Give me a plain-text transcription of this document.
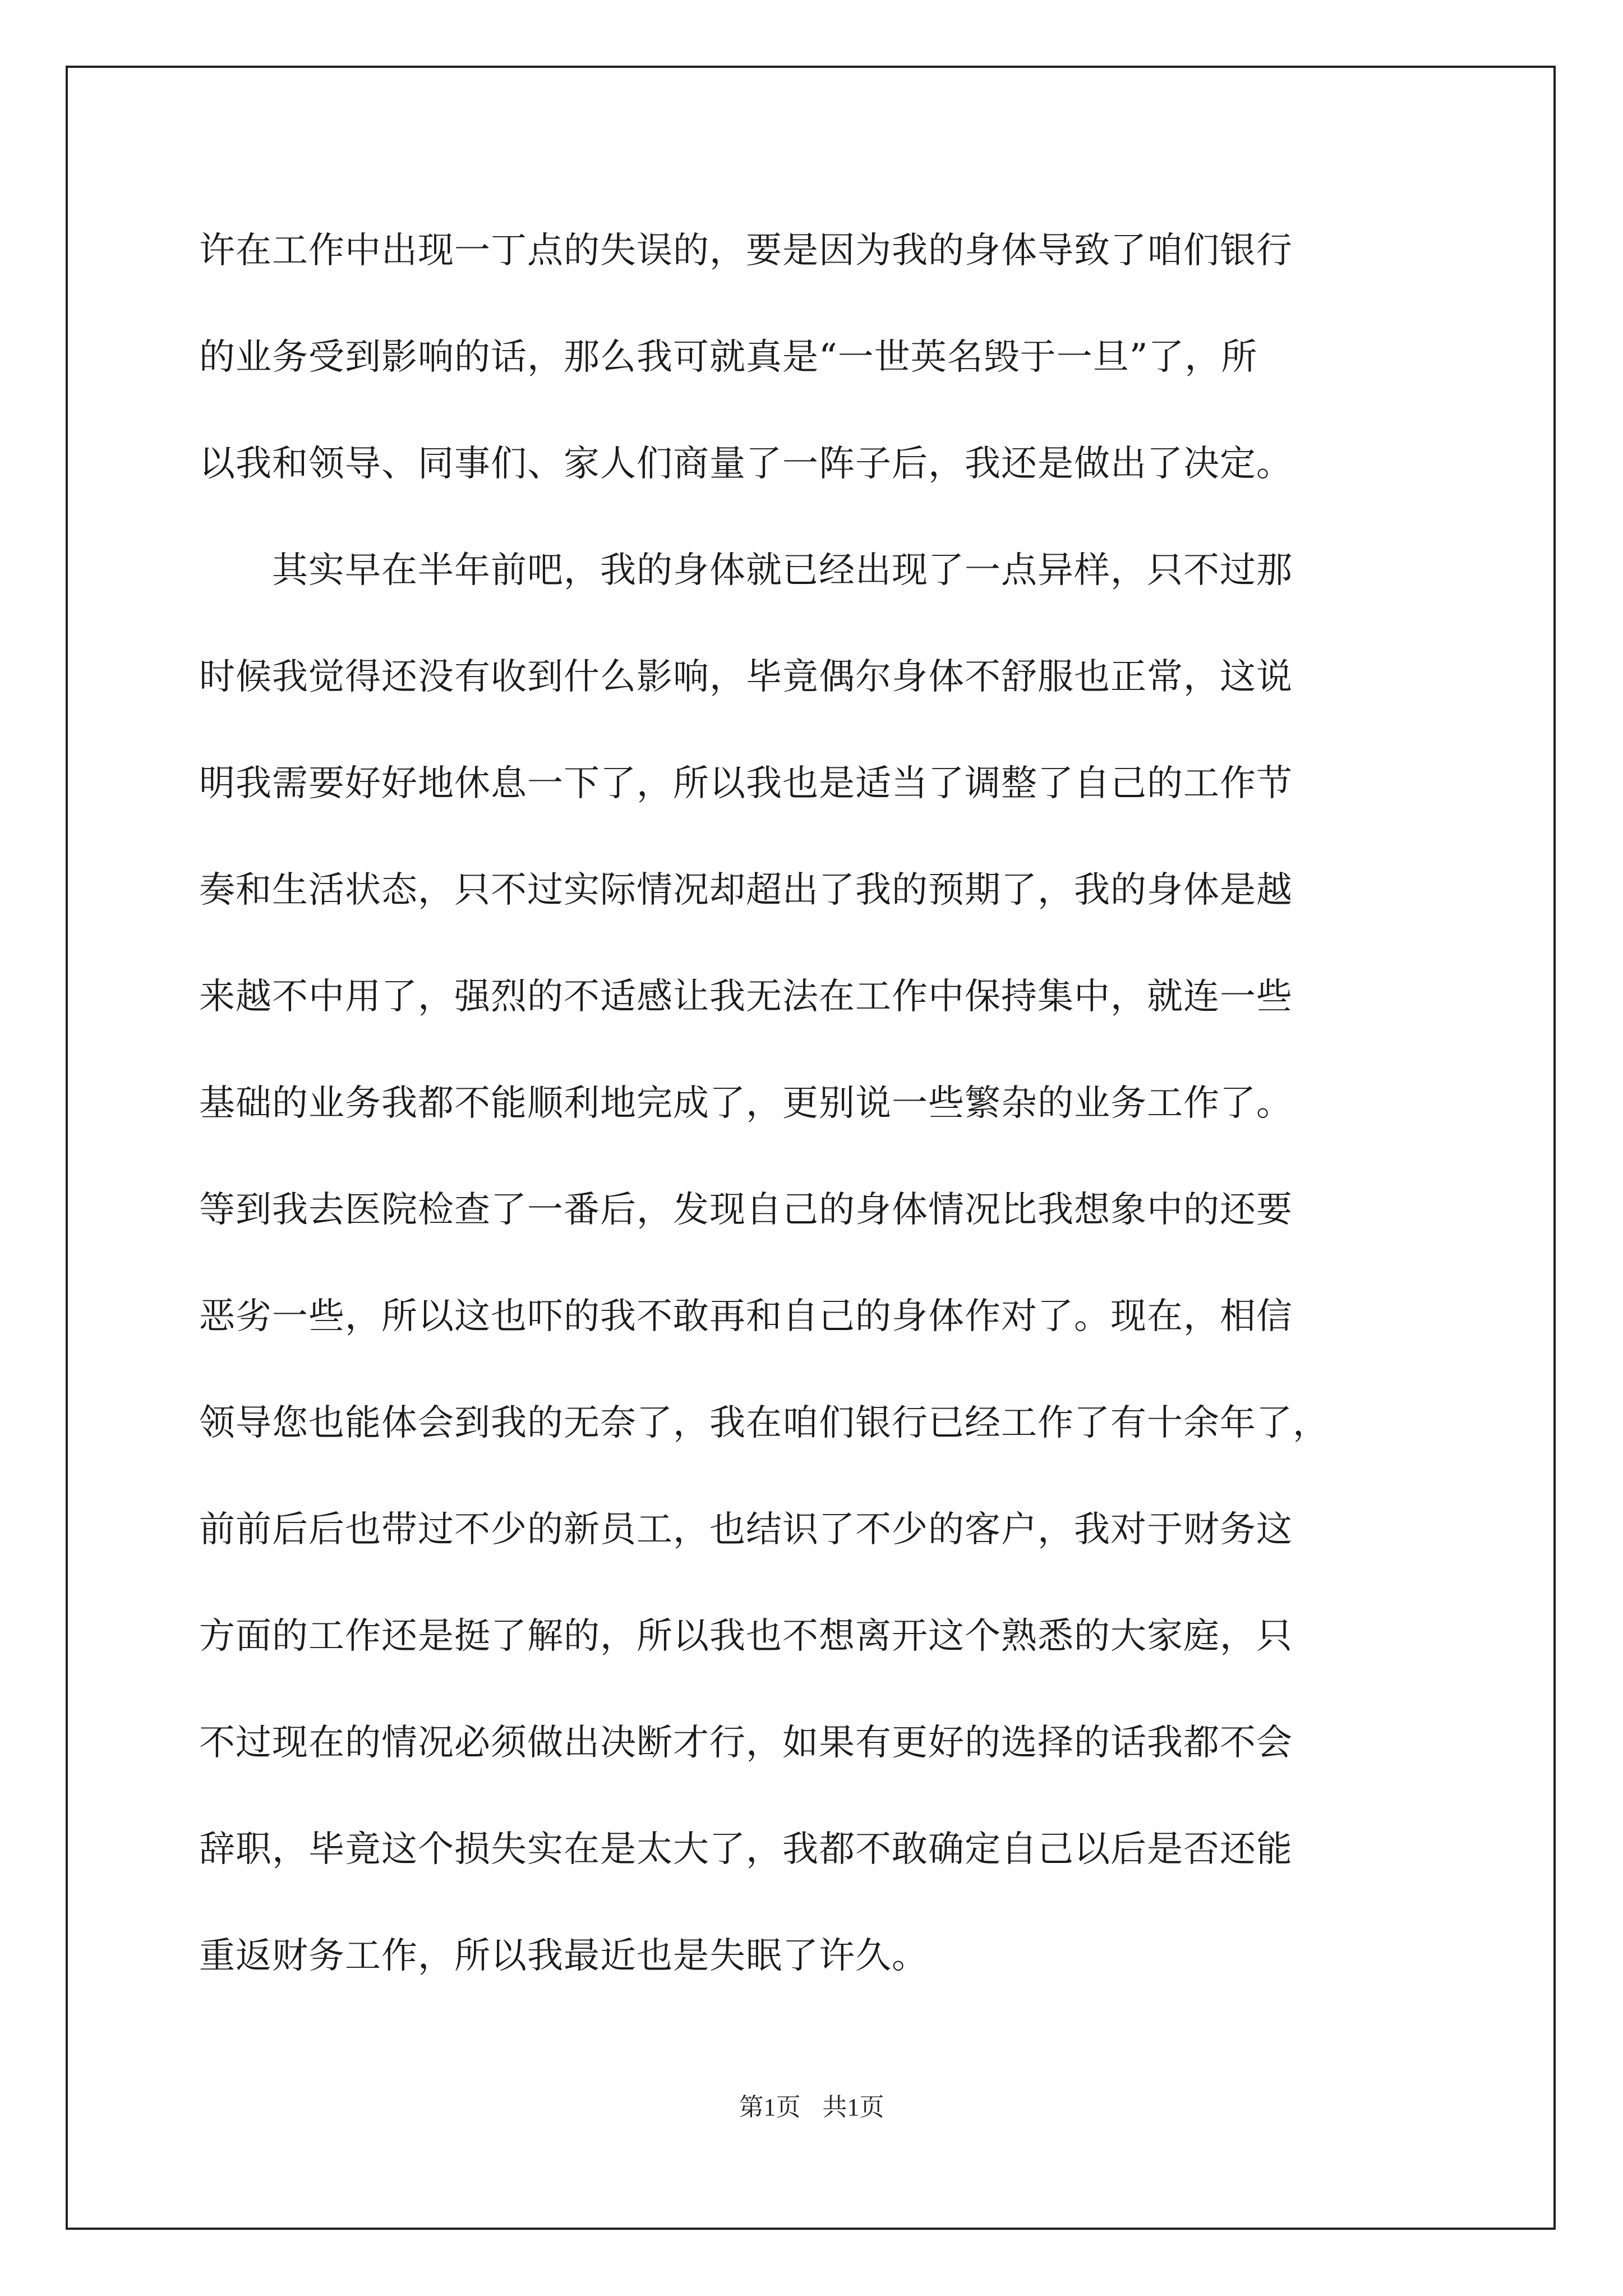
许在工作中出现一丁点的失误的，要是因为我的身体导致了咱们银行
的业务受到影响的话，那么我可就真是“一世英名毁于一旦”了，所
以我和领导、同事们、家人们商量了一阵子后，我还是做出了决定。
　　其实早在半年前吧，我的身体就已经出现了一点异样，只不过那
时候我觉得还没有收到什么影响，毕竟偶尔身体不舒服也正常，这说
明我需要好好地休息一下了，所以我也是适当了调整了自己的工作节
奏和生活状态，只不过实际情况却超出了我的预期了，我的身体是越
来越不中用了，强烈的不适感让我无法在工作中保持集中，就连一些
基础的业务我都不能顺利地完成了，更别说一些繁杂的业务工作了。
等到我去医院检查了一番后，发现自己的身体情况比我想象中的还要
恶劣一些，所以这也吓的我不敢再和自己的身体作对了。现在，相信
领导您也能体会到我的无奈了，我在咱们银行已经工作了有十余年了，
前前后后也带过不少的新员工，也结识了不少的客户，我对于财务这
方面的工作还是挺了解的，所以我也不想离开这个熟悉的大家庭，只
不过现在的情况必须做出决断才行，如果有更好的选择的话我都不会
辞职，毕竟这个损失实在是太大了，我都不敢确定自己以后是否还能
重返财务工作，所以我最近也是失眠了许久。
第1页 共1页
